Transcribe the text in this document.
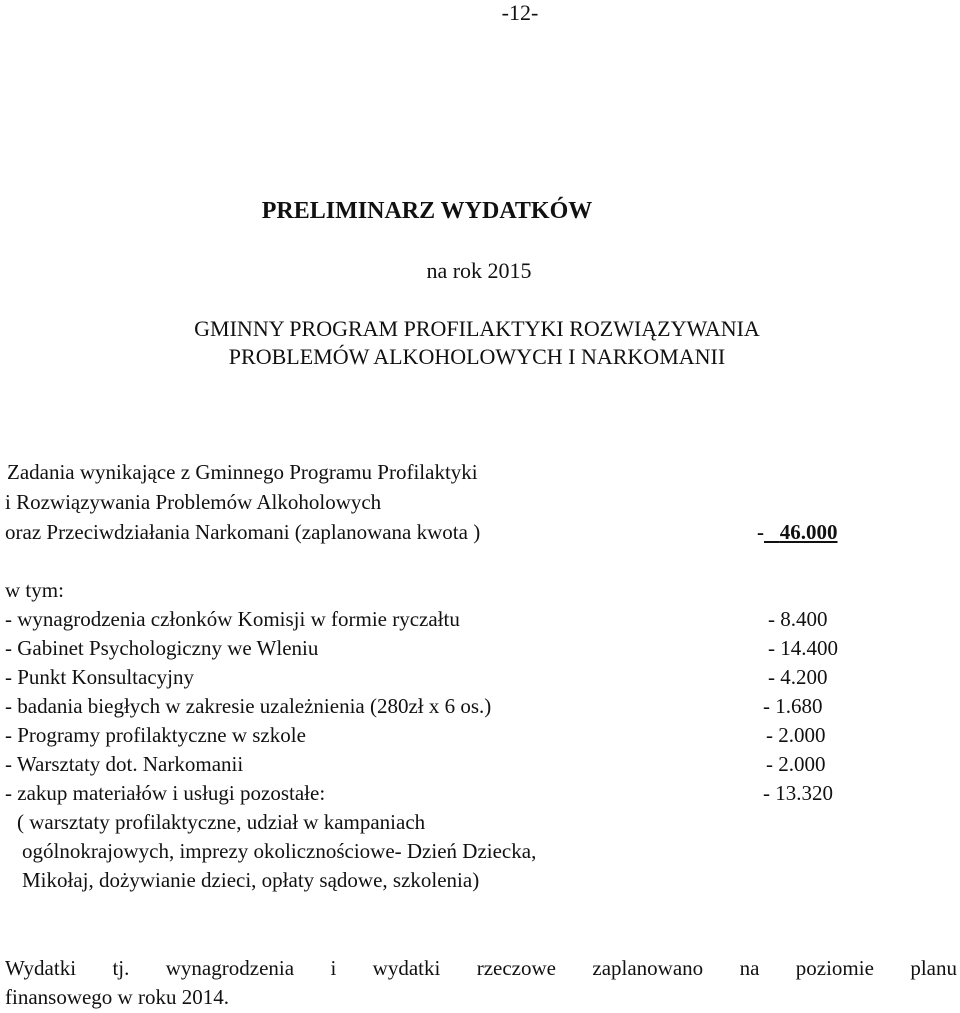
-12-
PRELIMINARZ WYDATKÓW
na rok 2015
GMINNY PROGRAM PROFILAKTYKI ROZWIĄZYWANIA
PROBLEMÓW ALKOHOLOWYCH I NARKOMANII
Zadania wynikające z Gminnego Programu Profilaktyki
i Rozwiązywania Problemów Alkoholowych
oraz Przeciwdziałania Narkomani (zaplanowana kwota )	- 46.000
w tym:
- wynagrodzenia członków Komisji w formie ryczałtu	- 8.400
- Gabinet Psychologiczny we Wleniu	- 14.400
- Punkt Konsultacyjny	- 4.200
- badania biegłych w zakresie uzależnienia (280zł x 6 os.)	- 1.680
- Programy profilaktyczne w szkole	- 2.000
- Warsztaty dot. Narkomanii	- 2.000
- zakup materiałów i usługi pozostałe:	- 13.320
( warsztaty profilaktyczne, udział w kampaniach
ogólnokrajowych, imprezy okolicznościowe- Dzień Dziecka,
Mikołaj, dożywianie dzieci, opłaty sądowe, szkolenia)
Wydatki tj. wynagrodzenia i wydatki rzeczowe zaplanowano na poziomie planu
finansowego w roku 2014.
